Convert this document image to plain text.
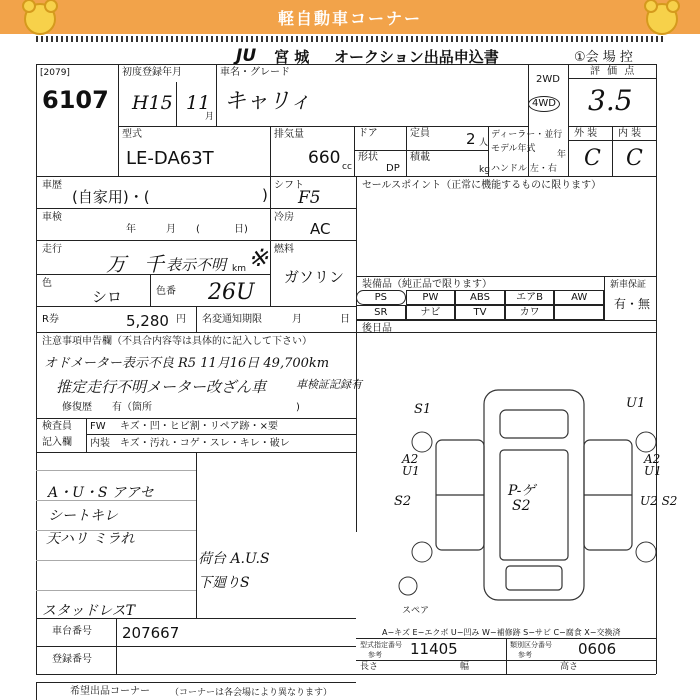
軽自動車コーナー
JU 宮 城 オークション出品申込書	①会 場 控
[2079]
6107
初度登録年月
H15 11
月
車名・グレード
キャリィ
2WD
4WD
評 価 点
3.5
型式
LE-DA63T
排気量
660 cc
ドア	定員 2 人
形状
DP
積載
kg
ディーラー・並行
モデル年式
年
ハンドル 左・右
外 装 内 装
C C
車歴
(自家用)・(	)
シフト
F5
セールスポイント（正常に機能するものに限ります）
車検
年	月 (	日)
冷房
AC
走行
万 千 表示不明 km ※ 燃料
ガソリン
色
シロ	色番 26U	装備品（純正品で限ります）	新車保証
有・無
PS	PW	ABS	エアB	AW
SR	ナビ	TV	カワ

R券	5,280 円 名変通知期限	月	日
後日品
注意事項申告欄（不具合内容等は具体的に記入して下さい）
オドメーター表示不良 R5 11月16日 49,700km
推定走行不明メーター改ざん車	車検証記録有
修復歴　　有（箇所	)
検査員
記入欄
FW キズ・凹・ヒビ割・リペア跡・×要
内装 キズ・汚れ・コゲ・スレ・キレ・破レ
A・U・S アアセ
シートキレ
天ハリ ミラれ
荷台 A.U.S
下廻りS
スタッドレスT
S1	U1
A2
U1
S2
A2
U1
U2 S2
P-ゲ
S2
スペア
A−キズ E−エクボ U−凹み W−補修跡 S−サビ C−腐食 X−交換済
車台番号 207667
登録番号
型式指定番号
参考 11405	類別区分番号
参考	0606
長さ	幅	高さ
希望出品コーナー （コーナーは各会場により異なります）
